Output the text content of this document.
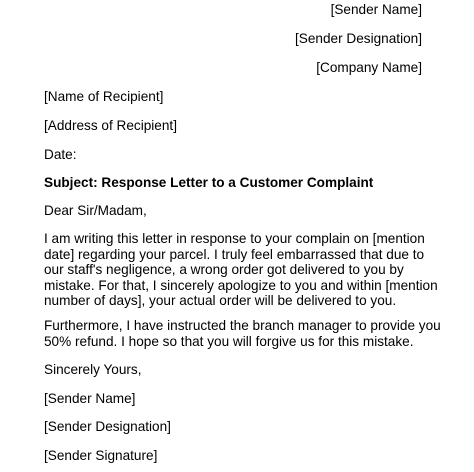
[Sender Name]

[Sender Designation]

[Company Name]

[Name of Recipient]

[Address of Recipient]

Date:

Subject: Response Letter to a Customer Complaint

Dear Sir/Madam,

I am writing this letter in response to your complain on [mention
date] regarding your parcel. I truly feel embarrassed that due to
our staff's negligence, a wrong order got delivered to you by
mistake. For that, I sincerely apologize to you and within [mention
number of days], your actual order will be delivered to you.
Furthermore, I have instructed the branch manager to provide you
50% refund. I hope so that you will forgive us for this mistake.

Sincerely Yours,

[Sender Name]

[Sender Designation]

[Sender Signature]
